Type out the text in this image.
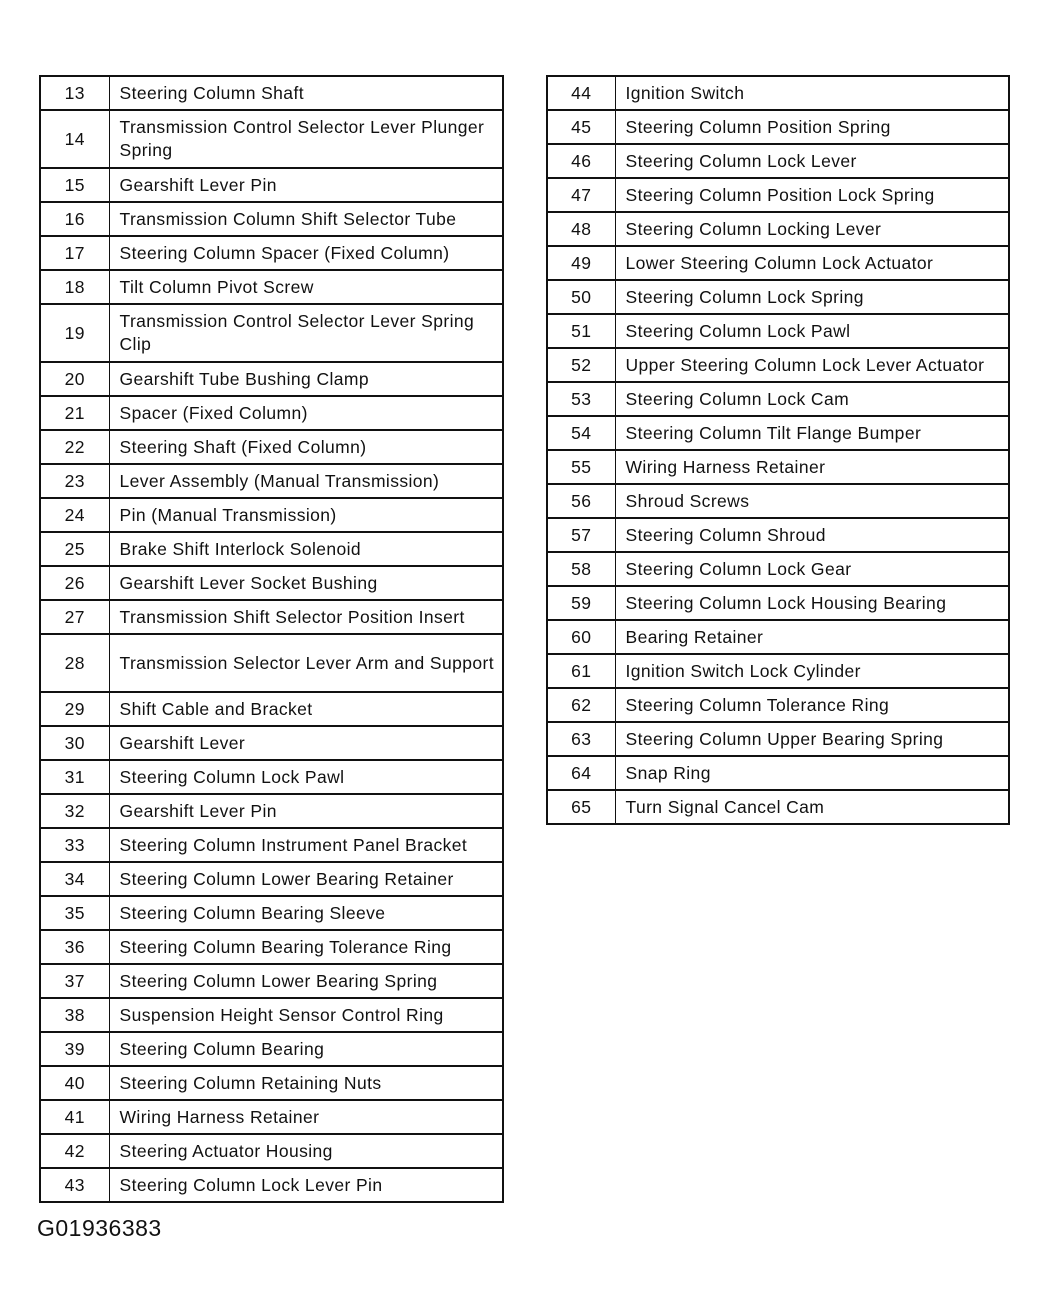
13	Steering Column Shaft
14	Transmission Control Selector Lever Plunger Spring
15	Gearshift Lever Pin
16	Transmission Column Shift Selector Tube
17	Steering Column Spacer (Fixed Column)
18	Tilt Column Pivot Screw
19	Transmission Control Selector Lever Spring Clip
20	Gearshift Tube Bushing Clamp
21	Spacer (Fixed Column)
22	Steering Shaft (Fixed Column)
23	Lever Assembly (Manual Transmission)
24	Pin (Manual Transmission)
25	Brake Shift Interlock Solenoid
26	Gearshift Lever Socket Bushing
27	Transmission Shift Selector Position Insert
28	Transmission Selector Lever Arm and Support
29	Shift Cable and Bracket
30	Gearshift Lever
31	Steering Column Lock Pawl
32	Gearshift Lever Pin
33	Steering Column Instrument Panel Bracket
34	Steering Column Lower Bearing Retainer
35	Steering Column Bearing Sleeve
36	Steering Column Bearing Tolerance Ring
37	Steering Column Lower Bearing Spring
38	Suspension Height Sensor Control Ring
39	Steering Column Bearing
40	Steering Column Retaining Nuts
41	Wiring Harness Retainer
42	Steering Actuator Housing
43	Steering Column Lock Lever Pin
44	Ignition Switch
45	Steering Column Position Spring
46	Steering Column Lock Lever
47	Steering Column Position Lock Spring
48	Steering Column Locking Lever
49	Lower Steering Column Lock Actuator
50	Steering Column Lock Spring
51	Steering Column Lock Pawl
52	Upper Steering Column Lock Lever Actuator
53	Steering Column Lock Cam
54	Steering Column Tilt Flange Bumper
55	Wiring Harness Retainer
56	Shroud Screws
57	Steering Column Shroud
58	Steering Column Lock Gear
59	Steering Column Lock Housing Bearing
60	Bearing Retainer
61	Ignition Switch Lock Cylinder
62	Steering Column Tolerance Ring
63	Steering Column Upper Bearing Spring
64	Snap Ring
65	Turn Signal Cancel Cam
G01936383
